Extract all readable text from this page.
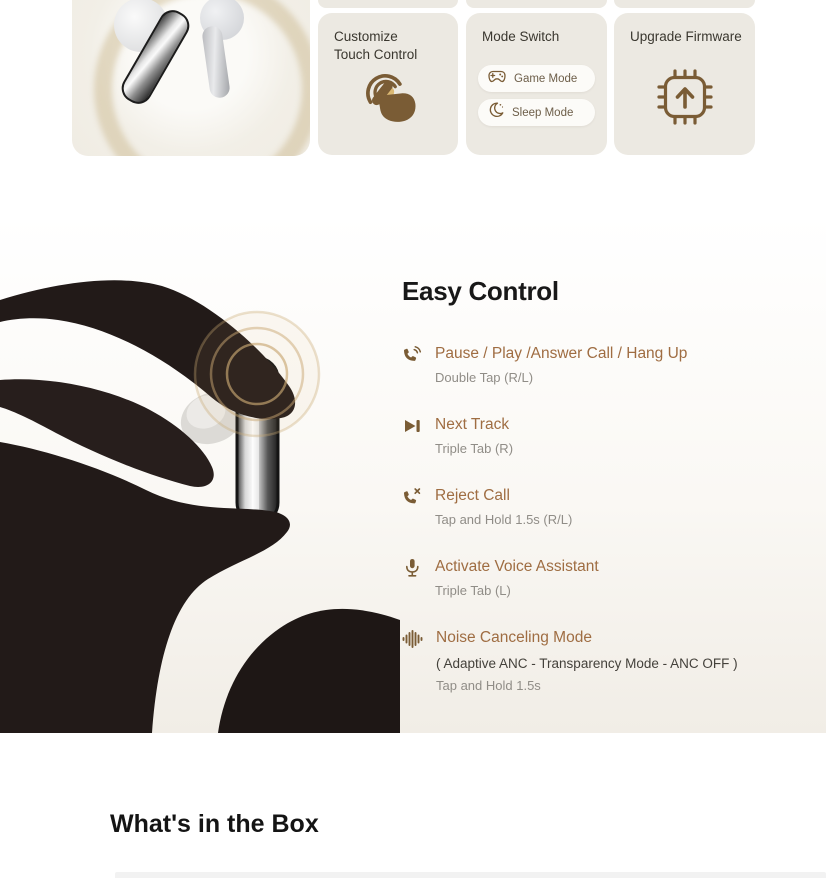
Customize Touch Control
Mode Switch
Game Mode
Sleep Mode
Upgrade Firmware
Easy Control
Pause / Play /Answer Call / Hang Up
Double Tap (R/L)
Next Track
Triple Tab (R)
Reject Call
Tap and Hold 1.5s (R/L)
Activate Voice Assistant
Triple Tab (L)
Noise Canceling Mode
( Adaptive ANC - Transparency Mode - ANC OFF )
Tap and Hold 1.5s
What's in the Box
